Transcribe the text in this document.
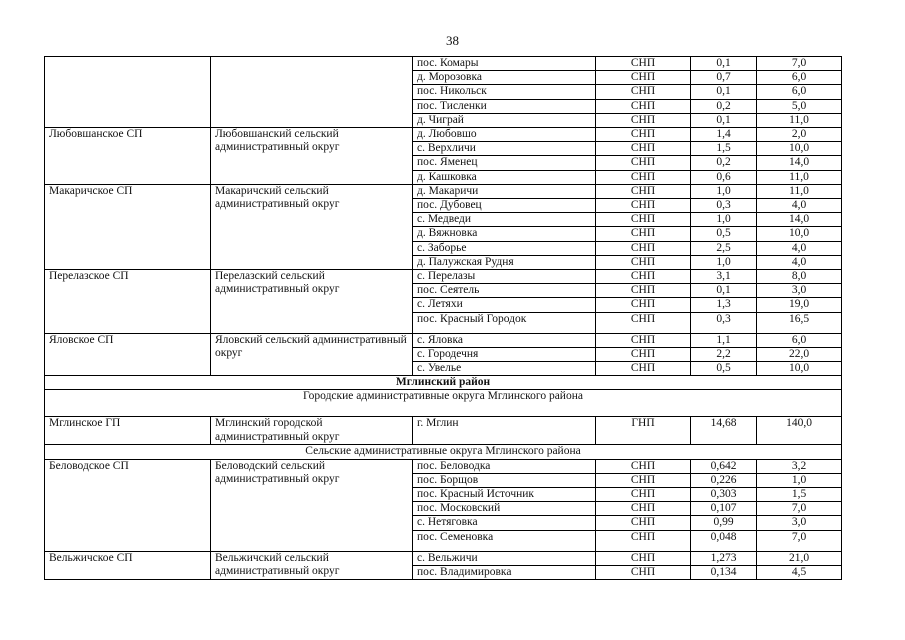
38
		пос. Комары	СНП	0,1	7,0
		д. Морозовка	СНП	0,7	6,0
		пос. Никольск	СНП	0,1	6,0
		пос. Тисленки	СНП	0,2	5,0
		д. Чиграй	СНП	0,1	11,0
Любовшанское СП	Любовшанский сельский административный округ	д. Любовшо	СНП	1,4	2,0
		с. Верхличи	СНП	1,5	10,0
		пос. Яменец	СНП	0,2	14,0
		д. Кашковка	СНП	0,6	11,0
Макаричское СП	Макаричский сельский административный округ	д. Макаричи	СНП	1,0	11,0
		пос. Дубовец	СНП	0,3	4,0
		с. Медведи	СНП	1,0	14,0
		д. Вяжновка	СНП	0,5	10,0
		с. Заборье	СНП	2,5	4,0
		д. Палужская Рудня	СНП	1,0	4,0
Перелазское СП	Перелазский сельский административный округ	с. Перелазы	СНП	3,1	8,0
		пос. Сеятель	СНП	0,1	3,0
		с. Летяхи	СНП	1,3	19,0
		пос. Красный Городок	СНП	0,3	16,5
Яловское СП	Яловский сельский административный округ	с. Яловка	СНП	1,1	6,0
		с. Городечня	СНП	2,2	22,0
		с. Увелье	СНП	0,5	10,0
Мглинский район					
Городские административные округа Мглинского района					
Мглинское ГП	Мглинский городской административный округ	г. Мглин	ГНП	14,68	140,0
Сельские административные округа Мглинского района					
Беловодское СП	Беловодский сельский административный округ	пос. Беловодка	СНП	0,642	3,2
		пос. Борщов	СНП	0,226	1,0
		пос. Красный Источник	СНП	0,303	1,5
		пос. Московский	СНП	0,107	7,0
		с. Нетяговка	СНП	0,99	3,0
		пос. Семеновка	СНП	0,048	7,0
Вельжичское СП	Вельжичский сельский административный округ	с. Вельжичи	СНП	1,273	21,0
		пос. Владимировка	СНП	0,134	4,5
